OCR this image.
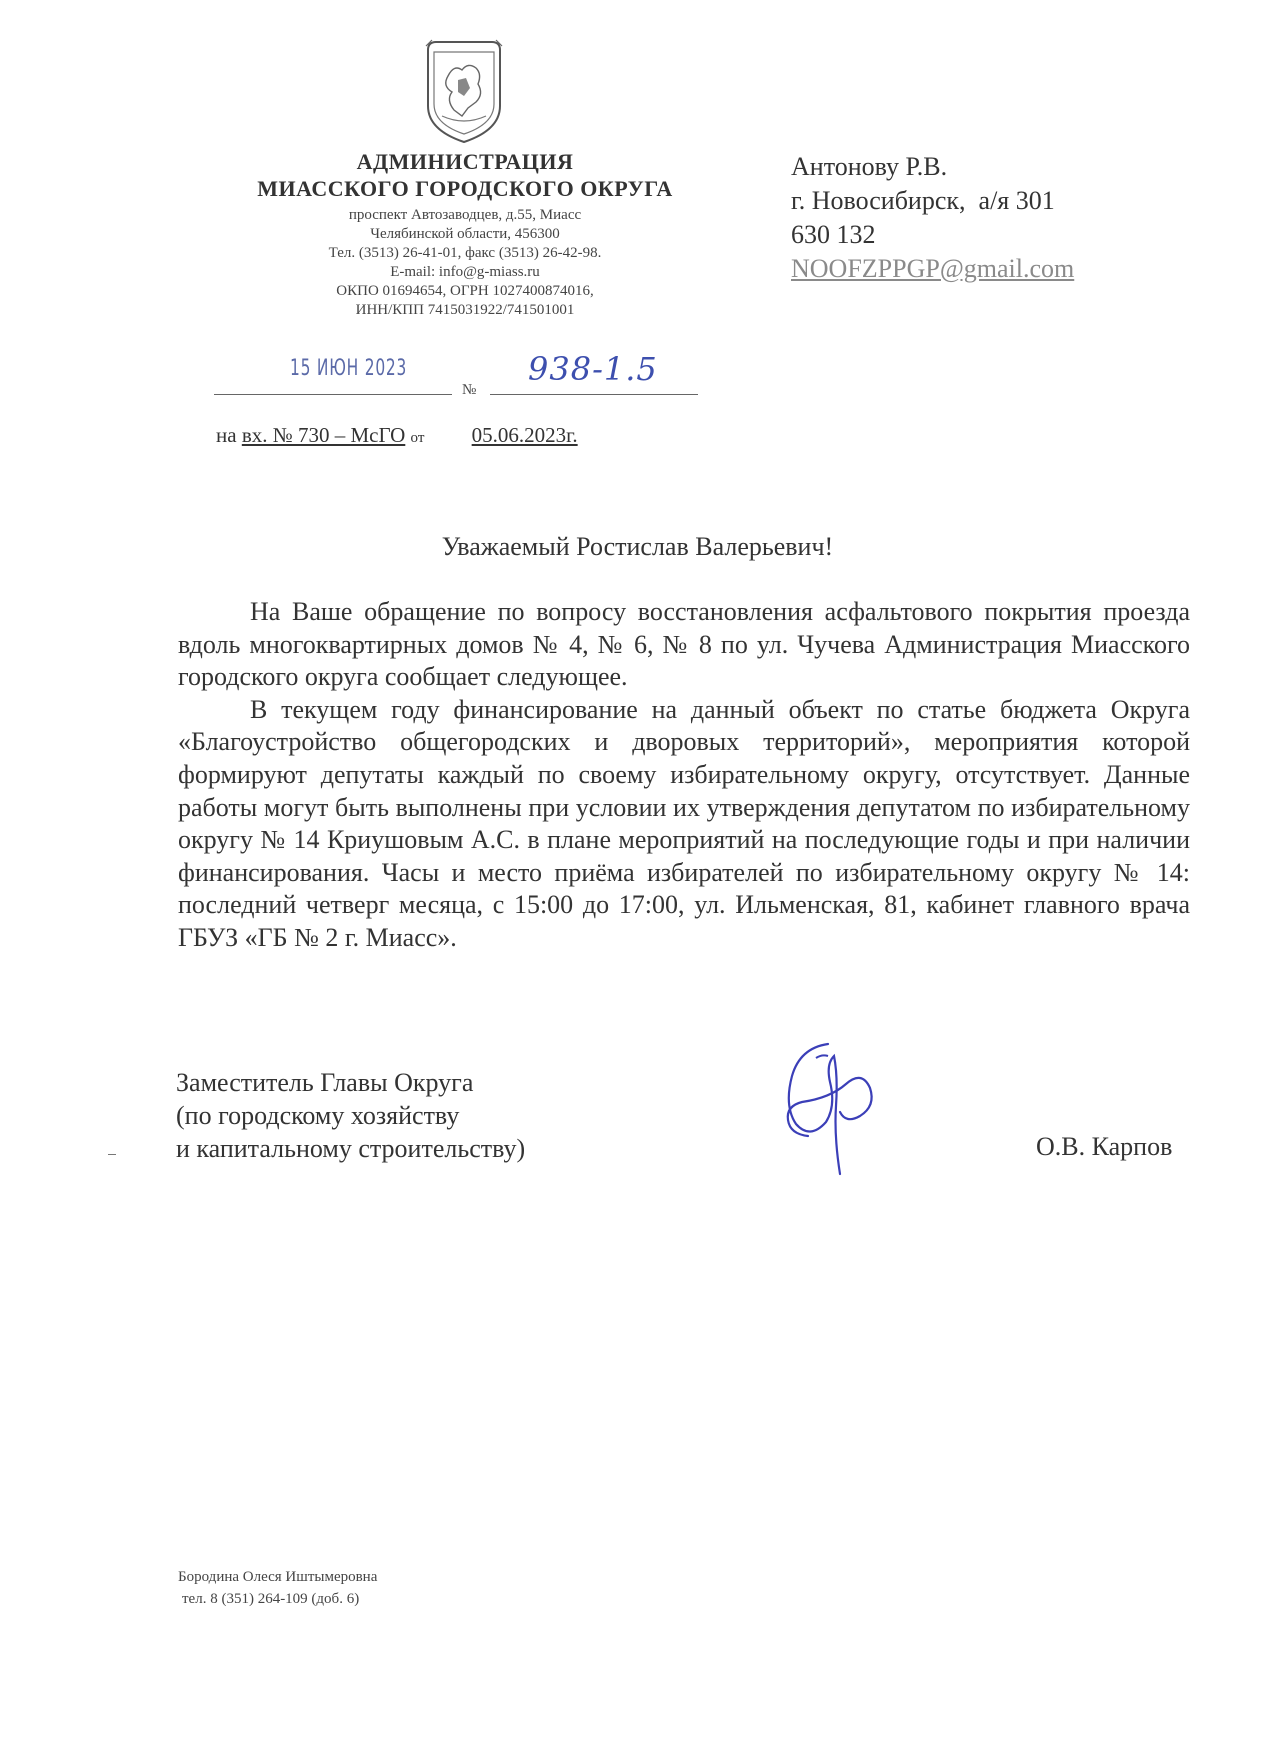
АДМИНИСТРАЦИЯ
МИАССКОГО ГОРОДСКОГО ОКРУГА
проспект Автозаводцев, д.55, Миасс
Челябинской области, 456300
Тел. (3513) 26-41-01, факс (3513) 26-42-98.
E-mail: info@g-miass.ru
ОКПО 01694654, ОГРН 1027400874016,
ИНН/КПП 7415031922/741501001
Антонову Р.В.
г. Новосибирск,  а/я 301
630 132
NOOFZPPGP@gmail.com
15 ИЮН 2023
№
938-1.5
на вх. № 730 – МсГО от 05.06.2023г.
Уважаемый Ростислав Валерьевич!

На Ваше обращение по вопросу восстановления асфальтового покрытия проезда вдоль многоквартирных домов № 4, № 6, № 8 по ул. Чучева Администрация Миасского городского округа сообщает следующее.

В текущем году финансирование на данный объект по статье бюджета Округа «Благоустройство общегородских и дворовых территорий», мероприятия которой формируют депутаты каждый по своему избирательному округу, отсутствует. Данные работы могут быть выполнены при условии их утверждения депутатом по избирательному округу № 14 Криушовым А.С. в плане мероприятий на последующие годы и при наличии финансирования. Часы и место приёма избирателей по избирательному округу № 14: последний четверг месяца, с 15:00 до 17:00, ул. Ильменская, 81, кабинет главного врача ГБУЗ «ГБ № 2 г. Миасс».

Заместитель Главы Округа
(по городскому хозяйству
и капитальному строительству)	О.В. Карпов
Бородина Олеся Иштымеровна
тел. 8 (351) 264-109 (доб. 6)
